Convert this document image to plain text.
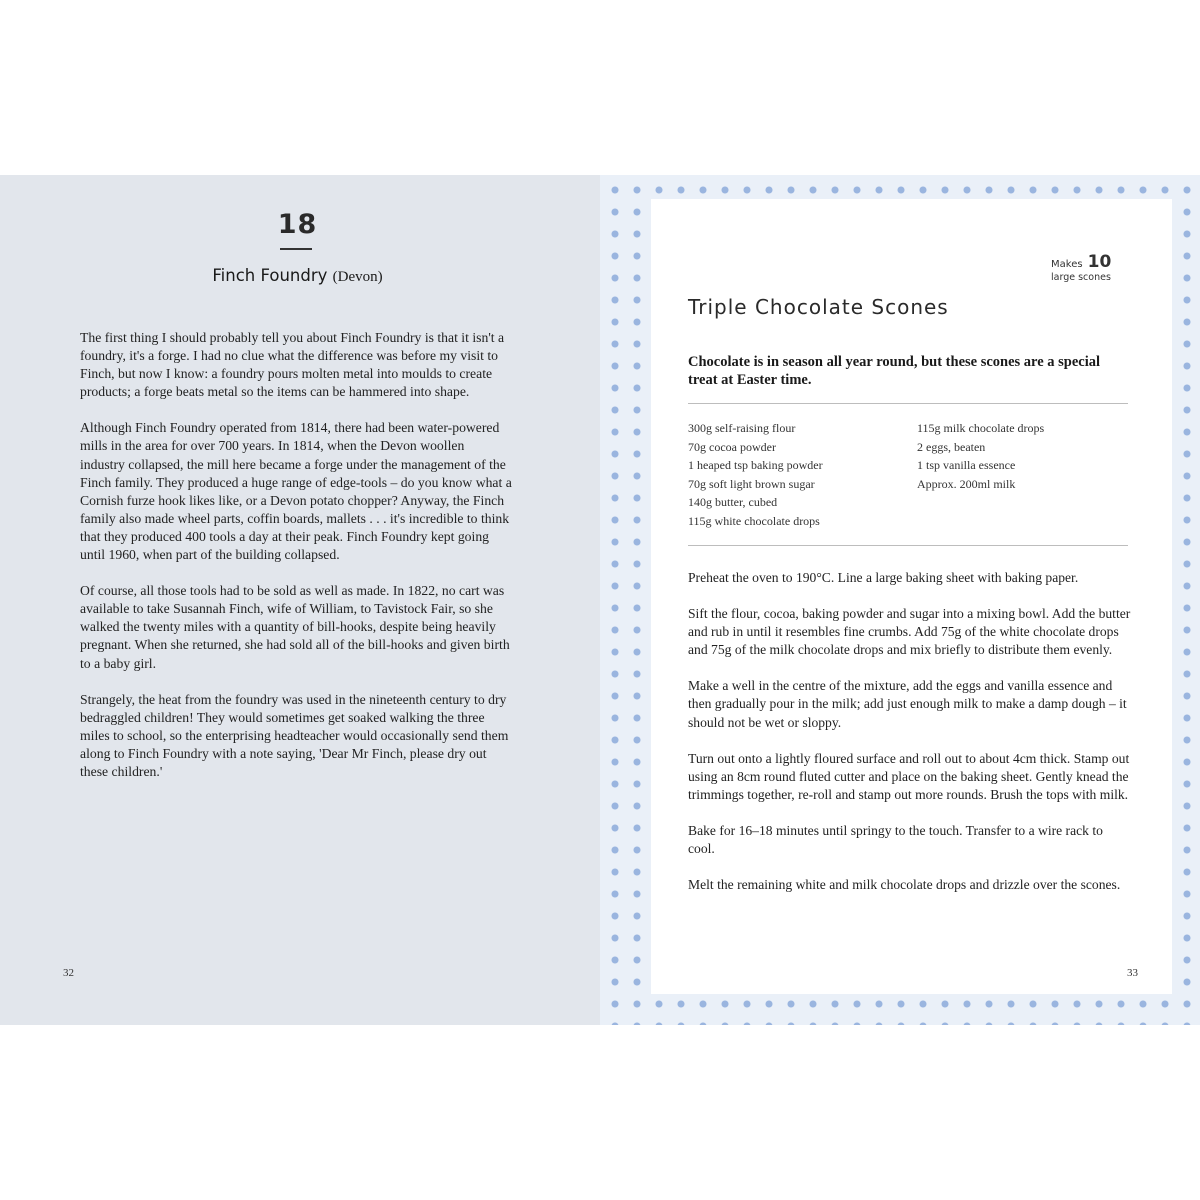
18
Finch Foundry (Devon)

The first thing I should probably tell you about Finch Foundry is that it isn't a foundry, it's a forge. I had no clue what the difference was before my visit to Finch, but now I know: a foundry pours molten metal into moulds to create products; a forge beats metal so the items can be hammered into shape.

Although Finch Foundry operated from 1814, there had been water-powered mills in the area for over 700 years. In 1814, when the Devon woollen industry collapsed, the mill here became a forge under the management of the Finch family. They produced a huge range of edge-tools – do you know what a Cornish furze hook likes like, or a Devon potato chopper? Anyway, the Finch family also made wheel parts, coffin boards, mallets . . . it's incredible to think that they produced 400 tools a day at their peak. Finch Foundry kept going until 1960, when part of the building collapsed.

Of course, all those tools had to be sold as well as made. In 1822, no cart was available to take Susannah Finch, wife of William, to Tavistock Fair, so she walked the twenty miles with a quantity of bill-hooks, despite being heavily pregnant. When she returned, she had sold all of the bill-hooks and given birth to a baby girl.

Strangely, the heat from the foundry was used in the nineteenth century to dry bedraggled children! They would sometimes get soaked walking the three miles to school, so the enterprising headteacher would occasionally send them along to Finch Foundry with a note saying, 'Dear Mr Finch, please dry out these children.'

32
Makes 10
large scones
Triple Chocolate Scones
Chocolate is in season all year round, but these scones are a special treat at Easter time.
300g self-raising flour
70g cocoa powder
1 heaped tsp baking powder
70g soft light brown sugar
140g butter, cubed
115g white chocolate drops
115g milk chocolate drops
2 eggs, beaten
1 tsp vanilla essence
Approx. 200ml milk
Preheat the oven to 190°C. Line a large baking sheet with baking paper.
Sift the flour, cocoa, baking powder and sugar into a mixing bowl. Add the butter and rub in until it resembles fine crumbs. Add 75g of the white chocolate drops and 75g of the milk chocolate drops and mix briefly to distribute them evenly.
Make a well in the centre of the mixture, add the eggs and vanilla essence and then gradually pour in the milk; add just enough milk to make a damp dough – it should not be wet or sloppy.
Turn out onto a lightly floured surface and roll out to about 4cm thick. Stamp out using an 8cm round fluted cutter and place on the baking sheet. Gently knead the trimmings together, re-roll and stamp out more rounds. Brush the tops with milk.
Bake for 16–18 minutes until springy to the touch. Transfer to a wire rack to cool.
Melt the remaining white and milk chocolate drops and drizzle over the scones.
33
